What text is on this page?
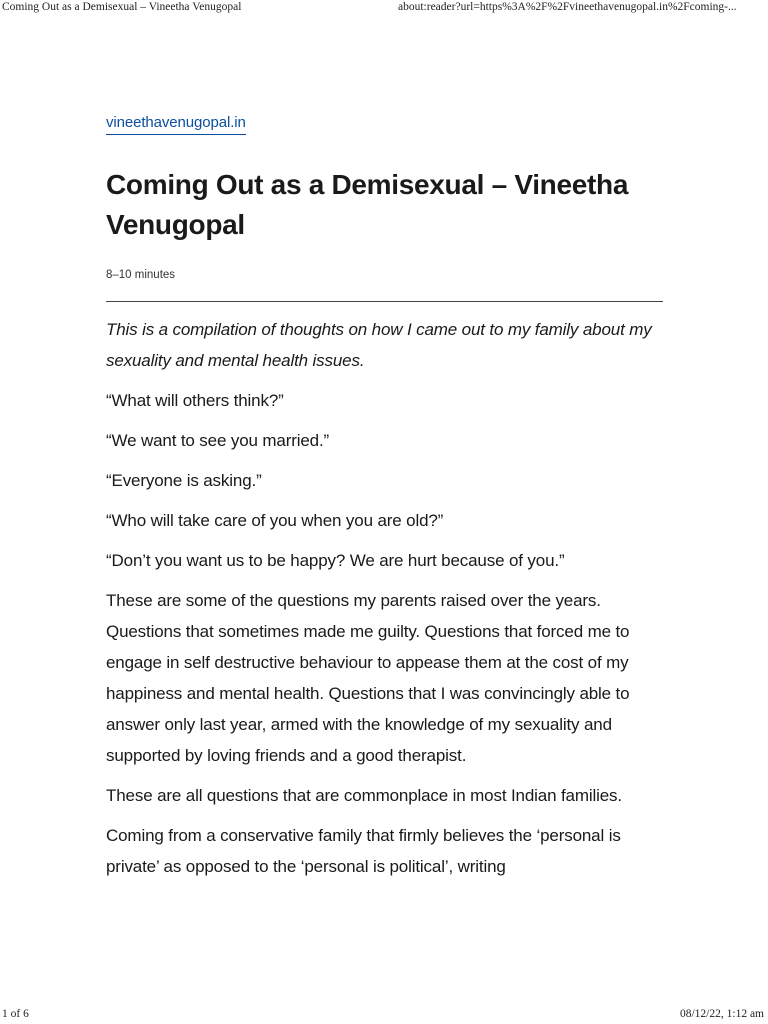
Coming Out as a Demisexual – Vineetha Venugopal	about:reader?url=https%3A%2F%2Fvineethavenugopal.in%2Fcoming-...
vineethavenugopal.in
Coming Out as a Demisexual – Vineetha Venugopal
8–10 minutes

This is a compilation of thoughts on how I came out to my family about my sexuality and mental health issues.

“What will others think?”

“We want to see you married.”

“Everyone is asking.”

“Who will take care of you when you are old?”

“Don’t you want us to be happy? We are hurt because of you.”

These are some of the questions my parents raised over the years. Questions that sometimes made me guilty. Questions that forced me to engage in self destructive behaviour to appease them at the cost of my happiness and mental health. Questions that I was convincingly able to answer only last year, armed with the knowledge of my sexuality and supported by loving friends and a good therapist.

These are all questions that are commonplace in most Indian families.

Coming from a conservative family that firmly believes the ‘personal is private’ as opposed to the ‘personal is political’, writing

1 of 6	08/12/22, 1:12 am
